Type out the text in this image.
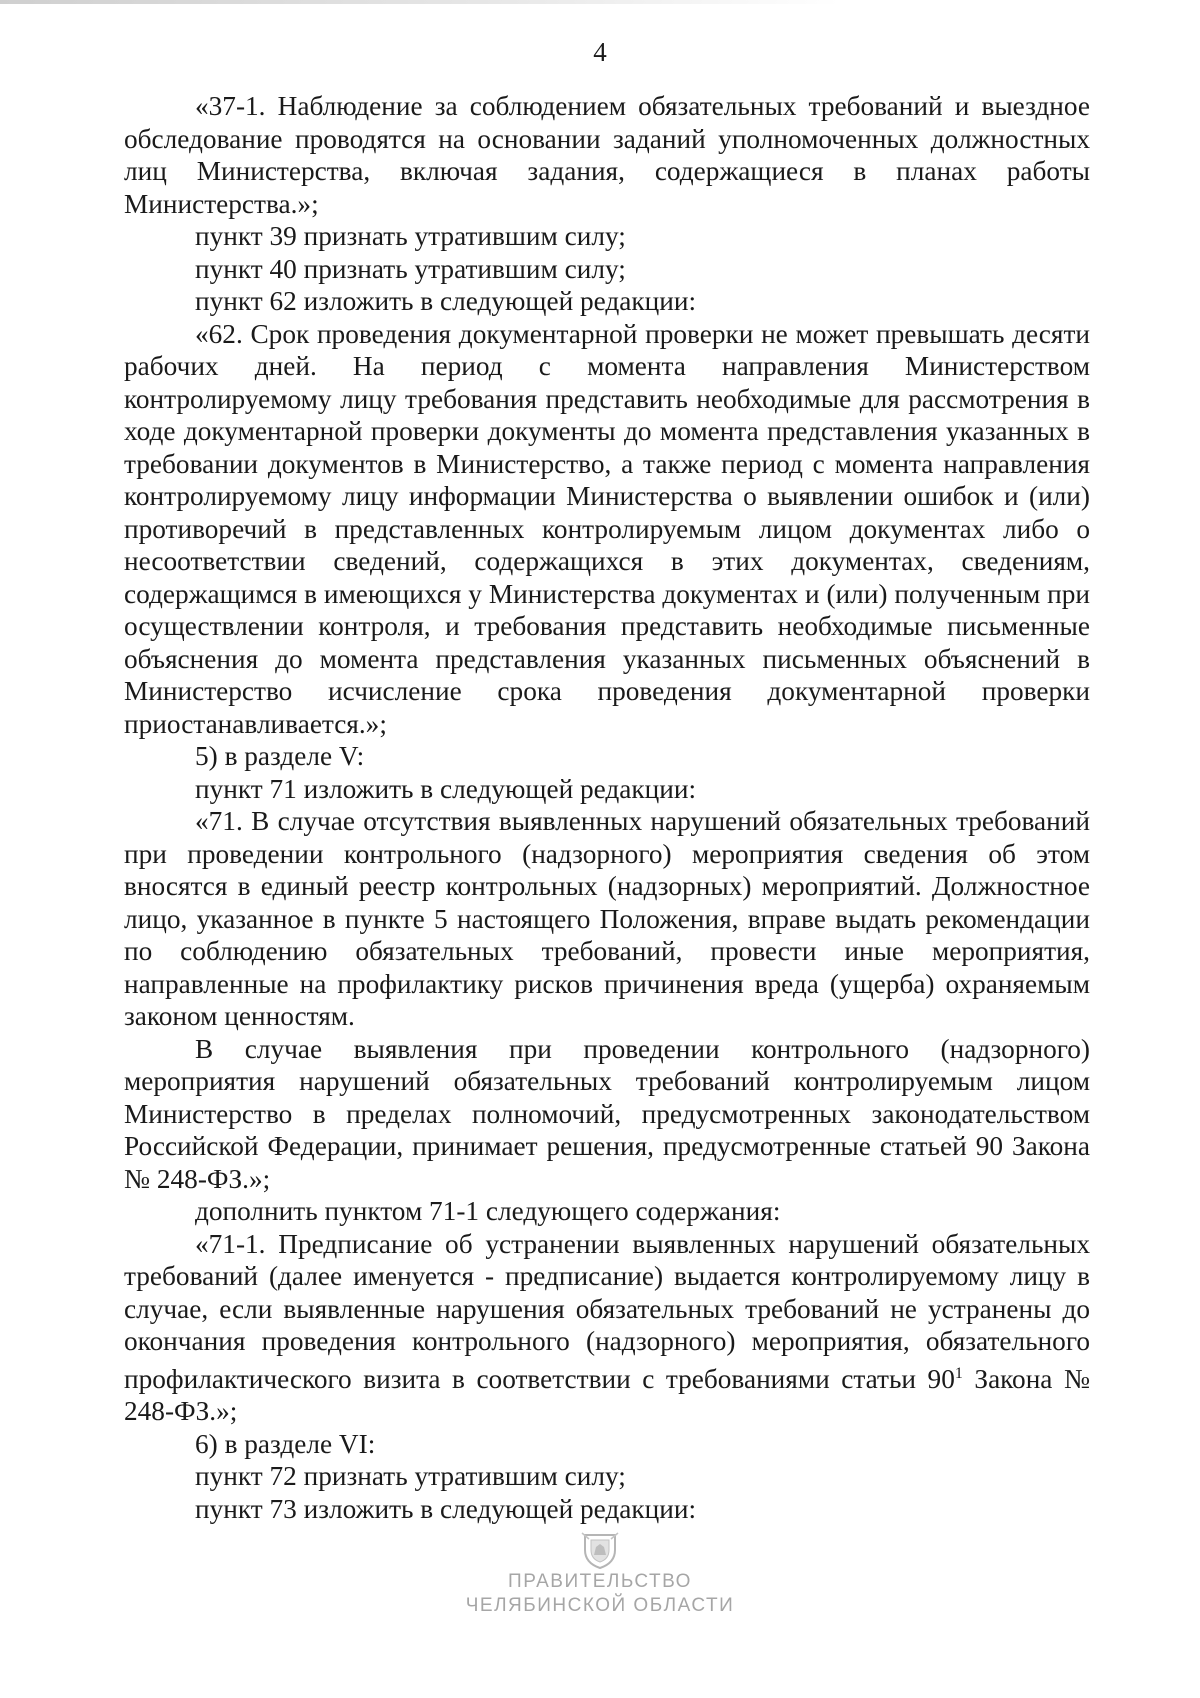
4

«37-1. Наблюдение за соблюдением обязательных требований и выездное обследование проводятся на основании заданий уполномоченных должностных лиц Министерства, включая задания, содержащиеся в планах работы Министерства.»;

пункт 39 признать утратившим силу;

пункт 40 признать утратившим силу;

пункт 62 изложить в следующей редакции:

«62. Срок проведения документарной проверки не может превышать десяти рабочих дней. На период с момента направления Министерством контролируемому лицу требования представить необходимые для рассмотрения в ходе документарной проверки документы до момента представления указанных в требовании документов в Министерство, а также период с момента направления контролируемому лицу информации Министерства о выявлении ошибок и (или) противоречий в представленных контролируемым лицом документах либо о несоответствии сведений, содержащихся в этих документах, сведениям, содержащимся в имеющихся у Министерства документах и (или) полученным при осуществлении контроля, и требования представить необходимые письменные объяснения до момента представления указанных письменных объяснений в Министерство исчисление срока проведения документарной проверки приостанавливается.»;

5) в разделе V:

пункт 71 изложить в следующей редакции:

«71. В случае отсутствия выявленных нарушений обязательных требований при проведении контрольного (надзорного) мероприятия сведения об этом вносятся в единый реестр контрольных (надзорных) мероприятий. Должностное лицо, указанное в пункте 5 настоящего Положения, вправе выдать рекомендации по соблюдению обязательных требований, провести иные мероприятия, направленные на профилактику рисков причинения вреда (ущерба) охраняемым законом ценностям.

В случае выявления при проведении контрольного (надзорного) мероприятия нарушений обязательных требований контролируемым лицом Министерство в пределах полномочий, предусмотренных законодательством Российской Федерации, принимает решения, предусмотренные статьей 90 Закона № 248-ФЗ.»;

дополнить пунктом 71-1 следующего содержания:

«71-1. Предписание об устранении выявленных нарушений обязательных требований (далее именуется - предписание) выдается контролируемому лицу в случае, если выявленные нарушения обязательных требований не устранены до окончания проведения контрольного (надзорного) мероприятия, обязательного профилактического визита в соответствии с требованиями статьи $90^1$ Закона № 248-ФЗ.»;

6) в разделе VI:

пункт 72 признать утратившим силу;

пункт 73 изложить в следующей редакции:

ПРАВИТЕЛЬСТВО
ЧЕЛЯБИНСКОЙ ОБЛАСТИ
